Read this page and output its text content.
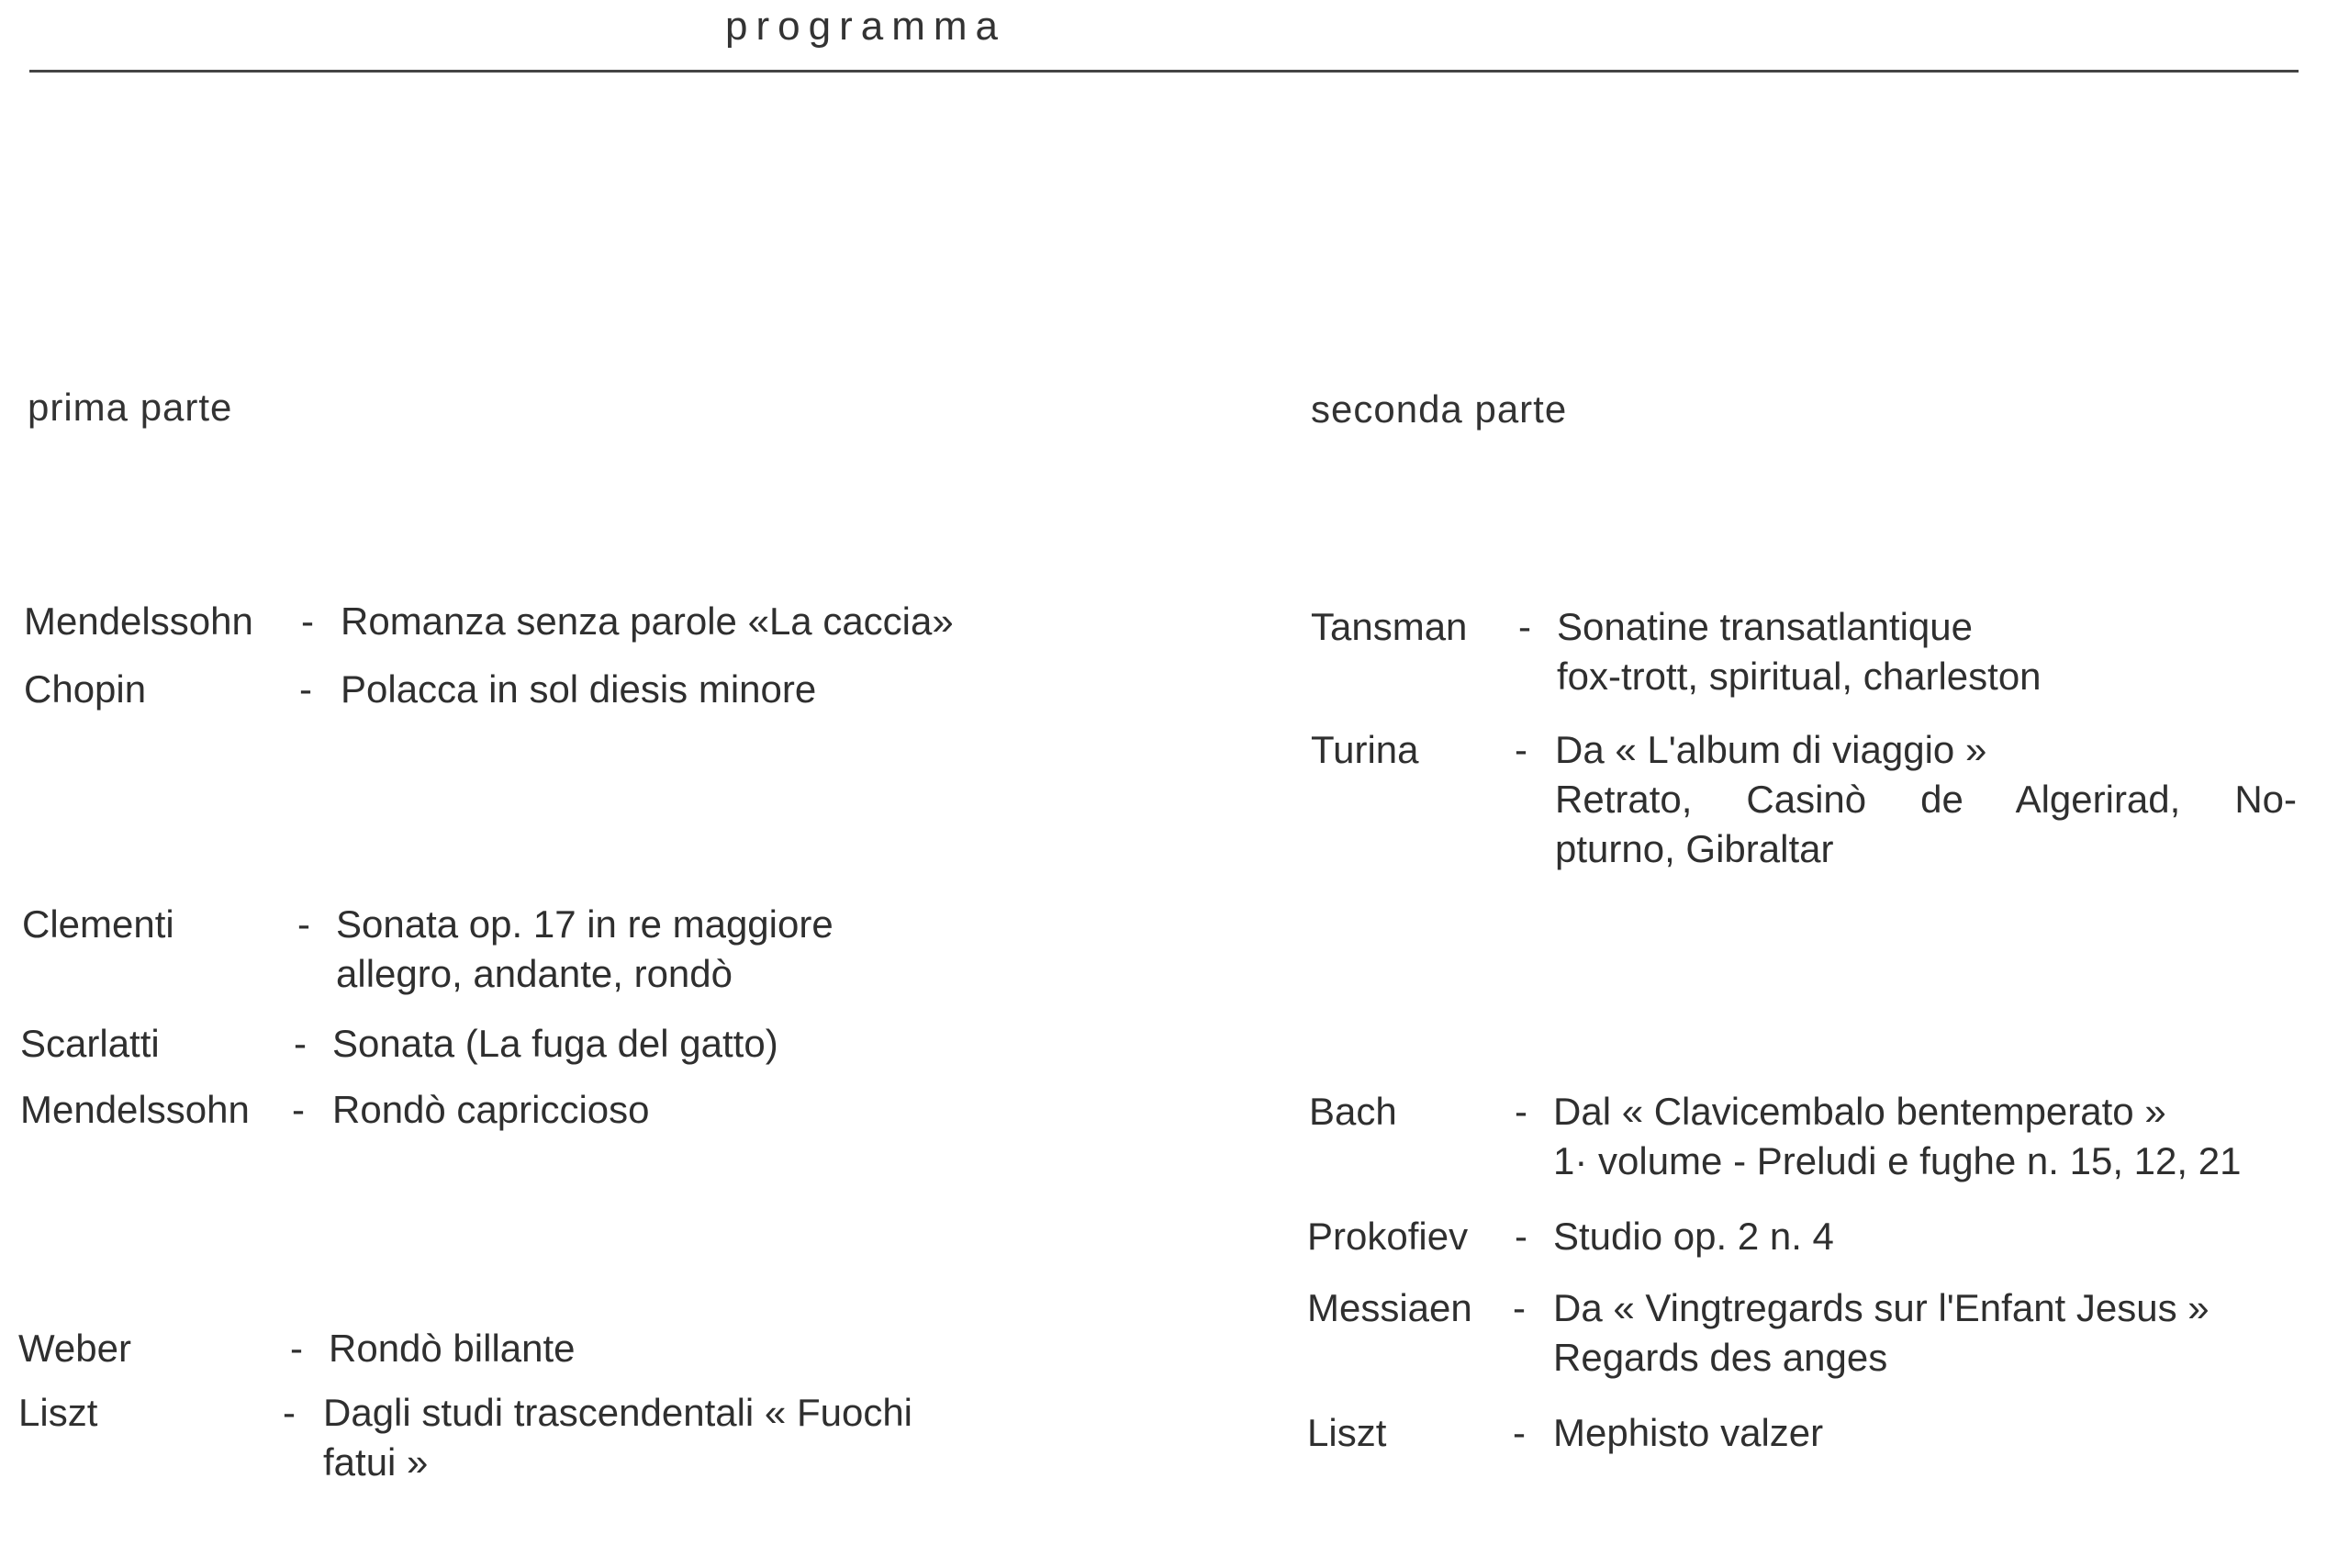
programma
prima parte
Mendelssohn - Romanza senza parole «La caccia»
Chopin	- Polacca in sol diesis minore
Clementi	- Sonata op. 17 in re maggiore
allegro, andante, rondò
Scarlatti	- Sonata (La fuga del gatto)
Mendelssohn - Rondò capriccioso
Weber	- Rondò billante
Liszt	- Dagli studi trascendentali « Fuochi
fatui »
seconda parte
Tansman - Sonatine transatlantique
fox-trott, spiritual, charleston
Turina - Da « L'album di viaggio »
Retrato, Casinò de Algerirad, No-
pturno, Gibraltar
Bach	- Dal « Clavicembalo bentemperato »
1· volume - Preludi e fughe n. 15, 12, 21
Prokofiev - Studio op. 2 n. 4
Messiaen - Da « Vingtregards sur l'Enfant Jesus »
Regards des anges
Liszt	- Mephisto valzer
